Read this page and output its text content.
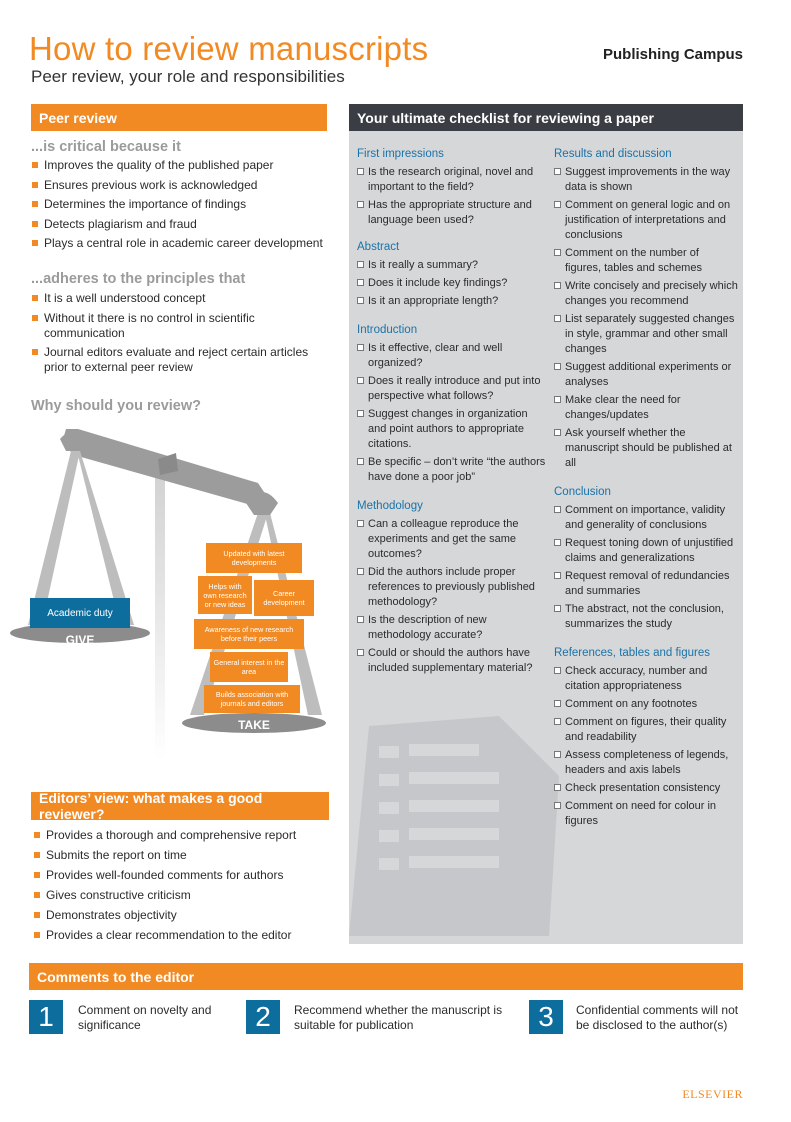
How to review manuscripts
Peer review, your role and responsibilities
Publishing Campus
Peer review
...is critical because it
Improves the quality of the published paper
Ensures previous work is acknowledged
Determines the importance of findings
Detects plagiarism and fraud
Plays a central role in academic career development
...adheres to the principles that
It is a well understood concept
Without it there is no control in scientific communication
Journal editors evaluate and reject certain articles prior to external peer review
Why should you review?
Academic duty
GIVE
Updated with latest developments
Helps with own research or new ideas
Career development
Awareness of new research before their peers
General interest in the area
Builds association with journals and editors
TAKE
Editors’ view: what makes a good reviewer?
Provides a thorough and comprehensive report
Submits the report on time
Provides well-founded comments for authors
Gives constructive criticism
Demonstrates objectivity
Provides a clear recommendation to the editor
Your ultimate checklist for reviewing a paper
First impressions
Is the research original, novel and important to the field?
Has the appropriate structure and language been used?
Abstract
Is it really a summary?
Does it include key findings?
Is it an appropriate length?
Introduction
Is it effective, clear and well organized?
Does it really introduce and put into perspective what follows?
Suggest changes in organization and point authors to appropriate citations.
Be specific – don’t write “the authors have done a poor job”
Methodology
Can a colleague reproduce the experiments and get the same outcomes?
Did the authors include proper references to previously published methodology?
Is the description of new methodology accurate?
Could or should the authors have included supplementary material?
Results and discussion
Suggest improvements in the way data is shown
Comment on general logic and on justification of interpretations and conclusions
Comment on the number of figures, tables and schemes
Write concisely and precisely which changes you recommend
List separately suggested changes in style, grammar and other small changes
Suggest additional experiments or analyses
Make clear the need for changes/updates
Ask yourself whether the manuscript should be published at all
Conclusion
Comment on importance, validity and generality of conclusions
Request toning down of unjustified claims and generalizations
Request removal of redundancies and summaries
The abstract, not the conclusion, summarizes the study
References, tables and figures
Check accuracy, number and citation appropriateness
Comment on any footnotes
Comment on figures, their quality and readability
Assess completeness of legends, headers and axis labels
Check presentation consistency
Comment on need for colour in figures
Comments to the editor
1	Comment on novelty and significance	2	Recommend whether the manuscript is suitable for publication	3	Confidential comments will not be disclosed to the author(s)
ELSEVIER
